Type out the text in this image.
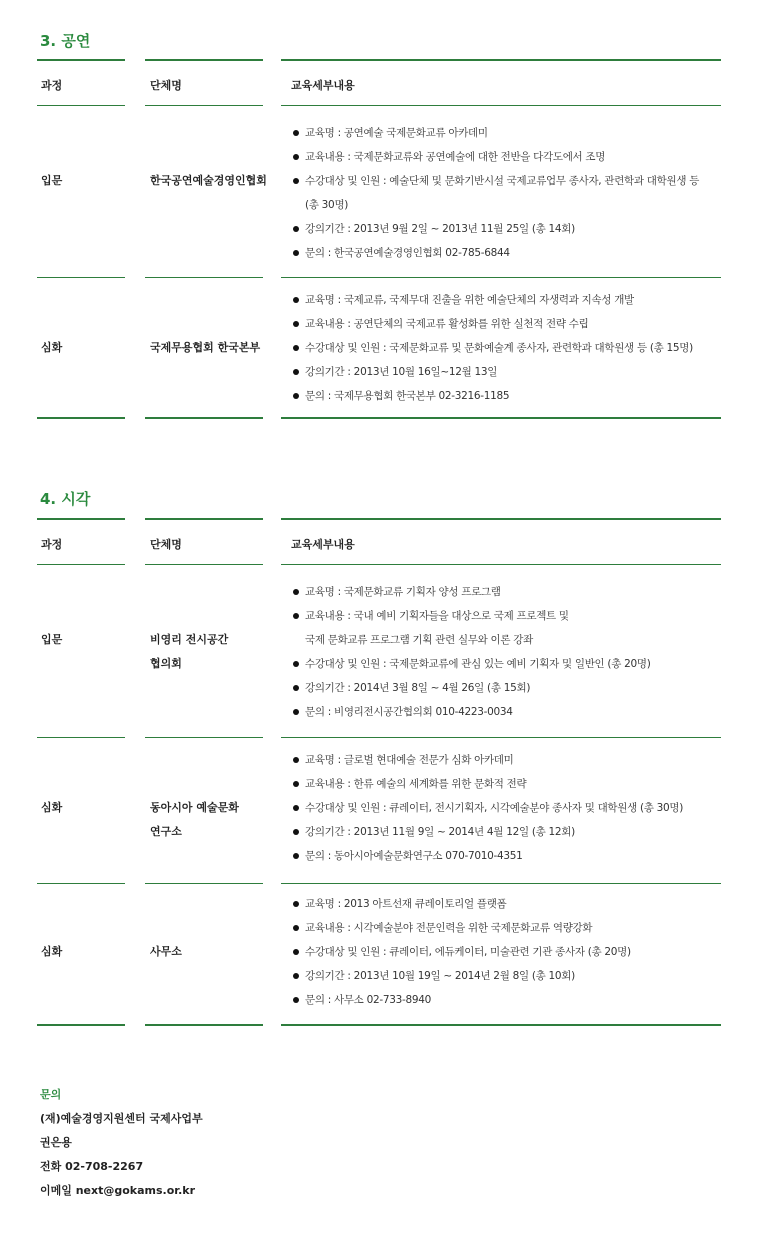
3. 공연
과정	단체명	교육세부내용
입문	한국공연예술경영인협회
교육명 : 공연예술 국제문화교류 아카데미
교육내용 : 국제문화교류와 공연예술에 대한 전반을 다각도에서 조명
수강대상 및 인원 : 예술단체 및 문화기반시설 국제교류업무 종사자, 관련학과 대학원생 등
(총 30명)
강의기간 : 2013년 9월 2일 ~ 2013년 11월 25일 (총 14회)
문의 : 한국공연예술경영인협회 02-785-6844
심화	국제무용협회 한국본부
교육명 : 국제교류, 국제무대 진출을 위한 예술단체의 자생력과 지속성 개발
교육내용 : 공연단체의 국제교류 활성화를 위한 실천적 전략 수립
수강대상 및 인원 : 국제문화교류 및 문화예술계 종사자, 관련학과 대학원생 등 (총 15명)
강의기간 : 2013년 10월 16일~12월 13일
문의 : 국제무용협회 한국본부 02-3216-1185
4. 시각
과정	단체명	교육세부내용
입문	비영리 전시공간
협의회
교육명 : 국제문화교류 기획자 양성 프로그램
교육내용 : 국내 예비 기획자들을 대상으로 국제 프로젝트 및
국제 문화교류 프로그램 기획 관련 실무와 이론 강좌
수강대상 및 인원 : 국제문화교류에 관심 있는 예비 기획자 및 일반인 (총 20명)
강의기간 : 2014년 3월 8일 ~ 4월 26일 (총 15회)
문의 : 비영리전시공간협의회 010-4223-0034
심화	동아시아 예술문화
연구소
교육명 : 글로벌 현대예술 전문가 심화 아카데미
교육내용 : 한류 예술의 세계화를 위한 문화적 전략
수강대상 및 인원 : 큐레이터, 전시기획자, 시각예술분야 종사자 및 대학원생 (총 30명)
강의기간 : 2013년 11월 9일 ~ 2014년 4월 12일 (총 12회)
문의 : 동아시아예술문화연구소 070-7010-4351
심화	사무소
교육명 : 2013 아트선재 큐레이토리얼 플랫폼
교육내용 : 시각예술분야 전문인력을 위한 국제문화교류 역량강화
수강대상 및 인원 : 큐레이터, 에듀케이터, 미술관련 기관 종사자 (총 20명)
강의기간 : 2013년 10월 19일 ~ 2014년 2월 8일 (총 10회)
문의 : 사무소 02-733-8940
문의
(재)예술경영지원센터 국제사업부
권은용
전화 02-708-2267
이메일 next@gokams.or.kr
